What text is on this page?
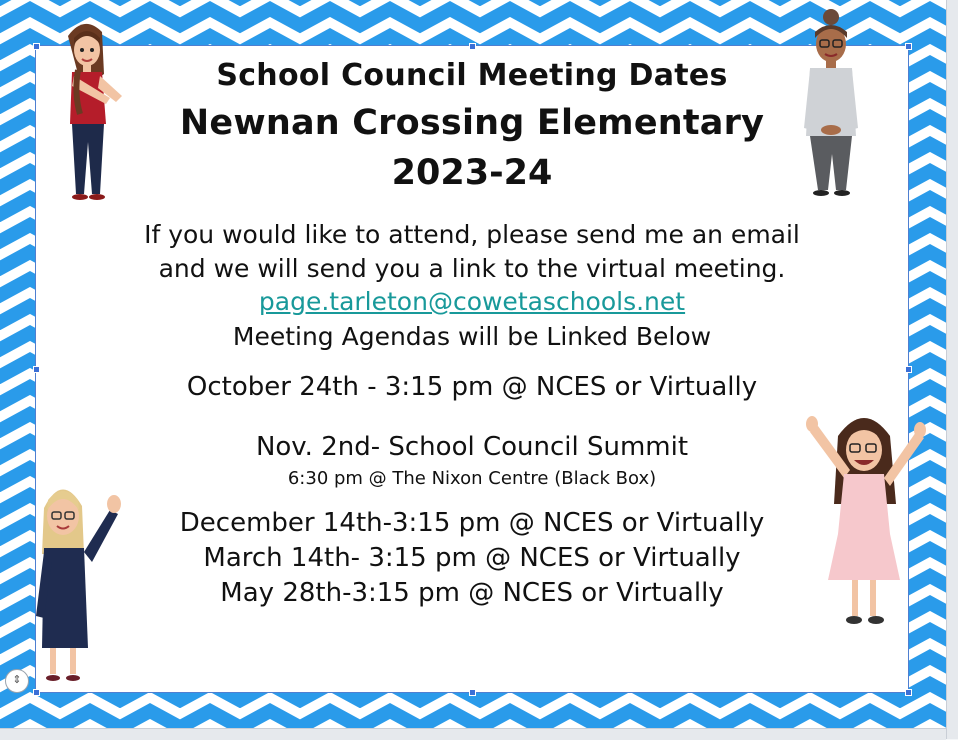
School Council Meeting Dates
Newnan Crossing Elementary
2023-24
If you would like to attend, please send me an email
and we will send you a link to the virtual meeting.
page.tarleton@cowetaschools.net
Meeting Agendas will be Linked Below
October 24th - 3:15 pm @ NCES or Virtually
Nov. 2nd- School Council Summit
6:30 pm @ The Nixon Centre (Black Box)
December 14th-3:15 pm @ NCES or Virtually
March 14th- 3:15 pm @ NCES or Virtually
May 28th-3:15 pm @ NCES or Virtually
⇕
